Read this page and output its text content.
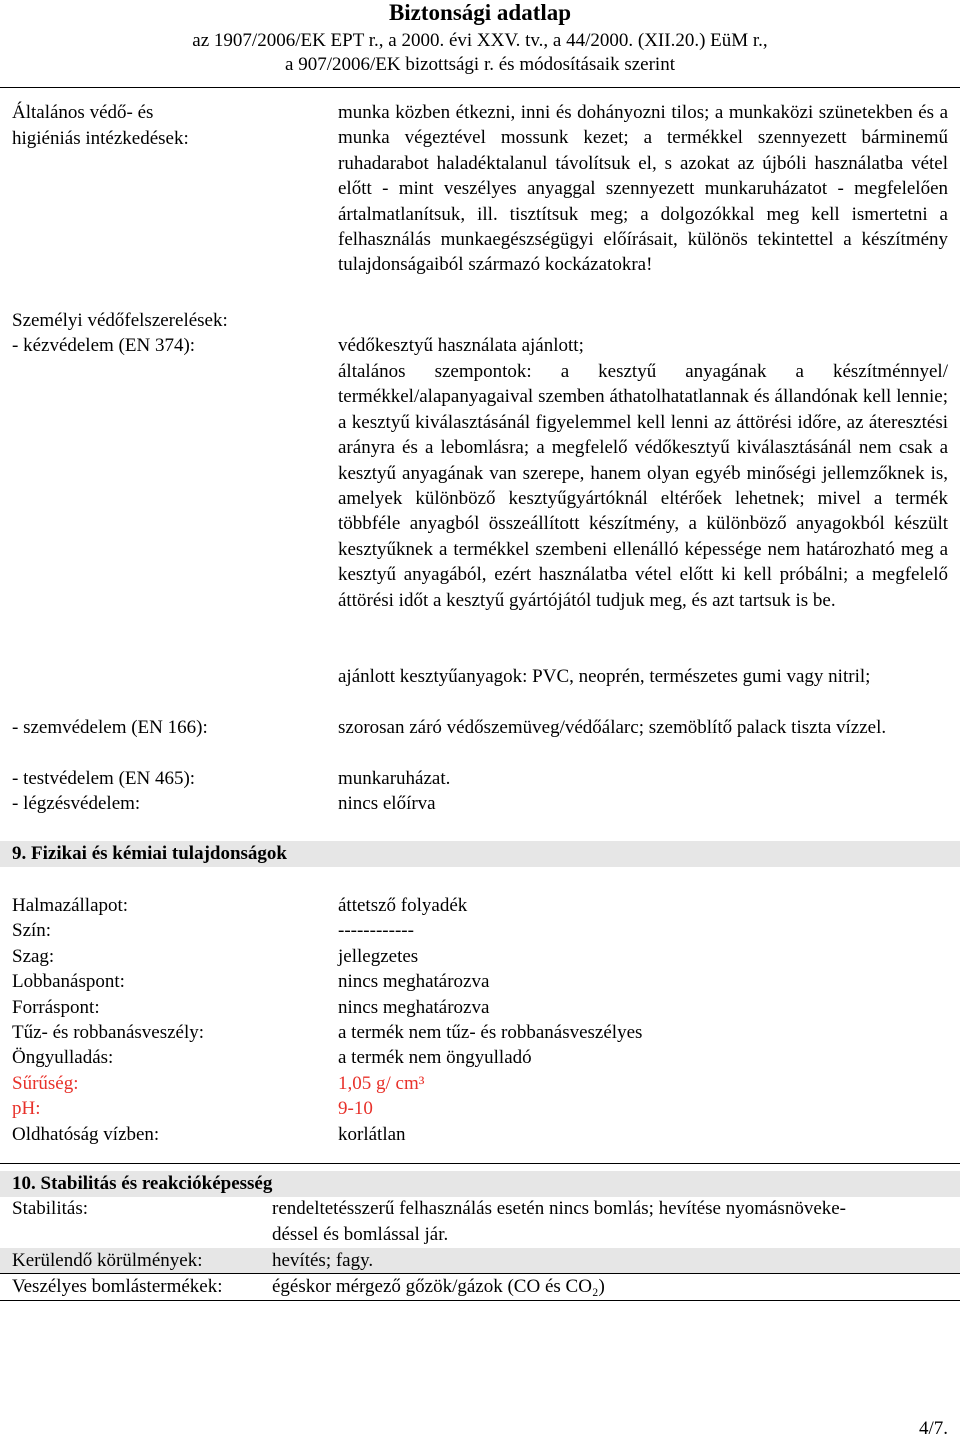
Biztonsági adatlap
az 1907/2006/EK EPT r., a 2000. évi XXV. tv., a 44/2000. (XII.20.) EüM r.,
a 907/2006/EK bizottsági r. és módosításaik szerint
Általános védő- és
higiéniás intézkedések:
munka közben étkezni, inni és dohányozni tilos; a munkaközi szünetekben és a munka végeztével mossunk kezet; a termékkel szennyezett bárminemű ruhadarabot haladéktalanul távolítsuk el, s azokat az újbóli használatba vétel előtt - mint veszélyes anyaggal szennyezett munkaruházatot - megfelelően ártalmatlanítsuk, ill. tisztítsuk meg; a dolgozókkal meg kell ismertetni a felhasználás munkaegészségügyi előírásait, különös tekintettel a készítmény tulajdonságaiból származó kockázatokra!
Személyi védőfelszerelések:
- kézvédelem (EN 374):	védőkesztyű használata ajánlott;
általános szempontok: a kesztyű anyagának a készítménnyel/ termékkel/alapanyagaival szemben áthatolhatatlannak és állandónak kell lennie; a kesztyű kiválasztásánál figyelemmel kell lenni az áttörési időre, az áteresztési arányra és a lebomlásra; a megfelelő védőkesztyű kiválasztásánál nem csak a kesztyű anyagának van szerepe, hanem olyan egyéb minőségi jellemzőknek is, amelyek különböző kesztyűgyártóknál eltérőek lehetnek; mivel a termék többféle anyagból összeállított készítmény, a különböző anyagokból készült kesztyűknek a termékkel szembeni ellenálló képessége nem határozható meg a kesztyű anyagából, ezért használatba vétel előtt ki kell próbálni; a megfelelő áttörési időt a kesztyű gyártójától tudjuk meg, és azt tartsuk is be.
ajánlott kesztyűanyagok: PVC, neoprén, természetes gumi vagy nitril;
- szemvédelem (EN 166):	szorosan záró védőszemüveg/védőálarc; szemöblítő palack tiszta vízzel.
- testvédelem (EN 465):	munkaruházat.
- légzésvédelem:	nincs előírva
9. Fizikai és kémiai tulajdonságok
Halmazállapot:	áttetsző folyadék
Szín:	------------
Szag:	jellegzetes
Lobbanáspont:	nincs meghatározva
Forráspont:	nincs meghatározva
Tűz- és robbanásveszély:	a termék nem tűz- és robbanásveszélyes
Öngyulladás:	a termék nem öngyulladó
Sűrűség:	1,05 g/ cm³
pH:	9-10
Oldhatóság vízben:	korlátlan
10. Stabilitás és reakcióképesség
Stabilitás:	rendeltetésszerű felhasználás esetén nincs bomlás; hevítése nyomásnöveke-
déssel és bomlással jár.
Kerülendő körülmények:	hevítés; fagy.
Veszélyes bomlástermékek:	égéskor mérgező gőzök/gázok (CO és CO₂)
4/7.
